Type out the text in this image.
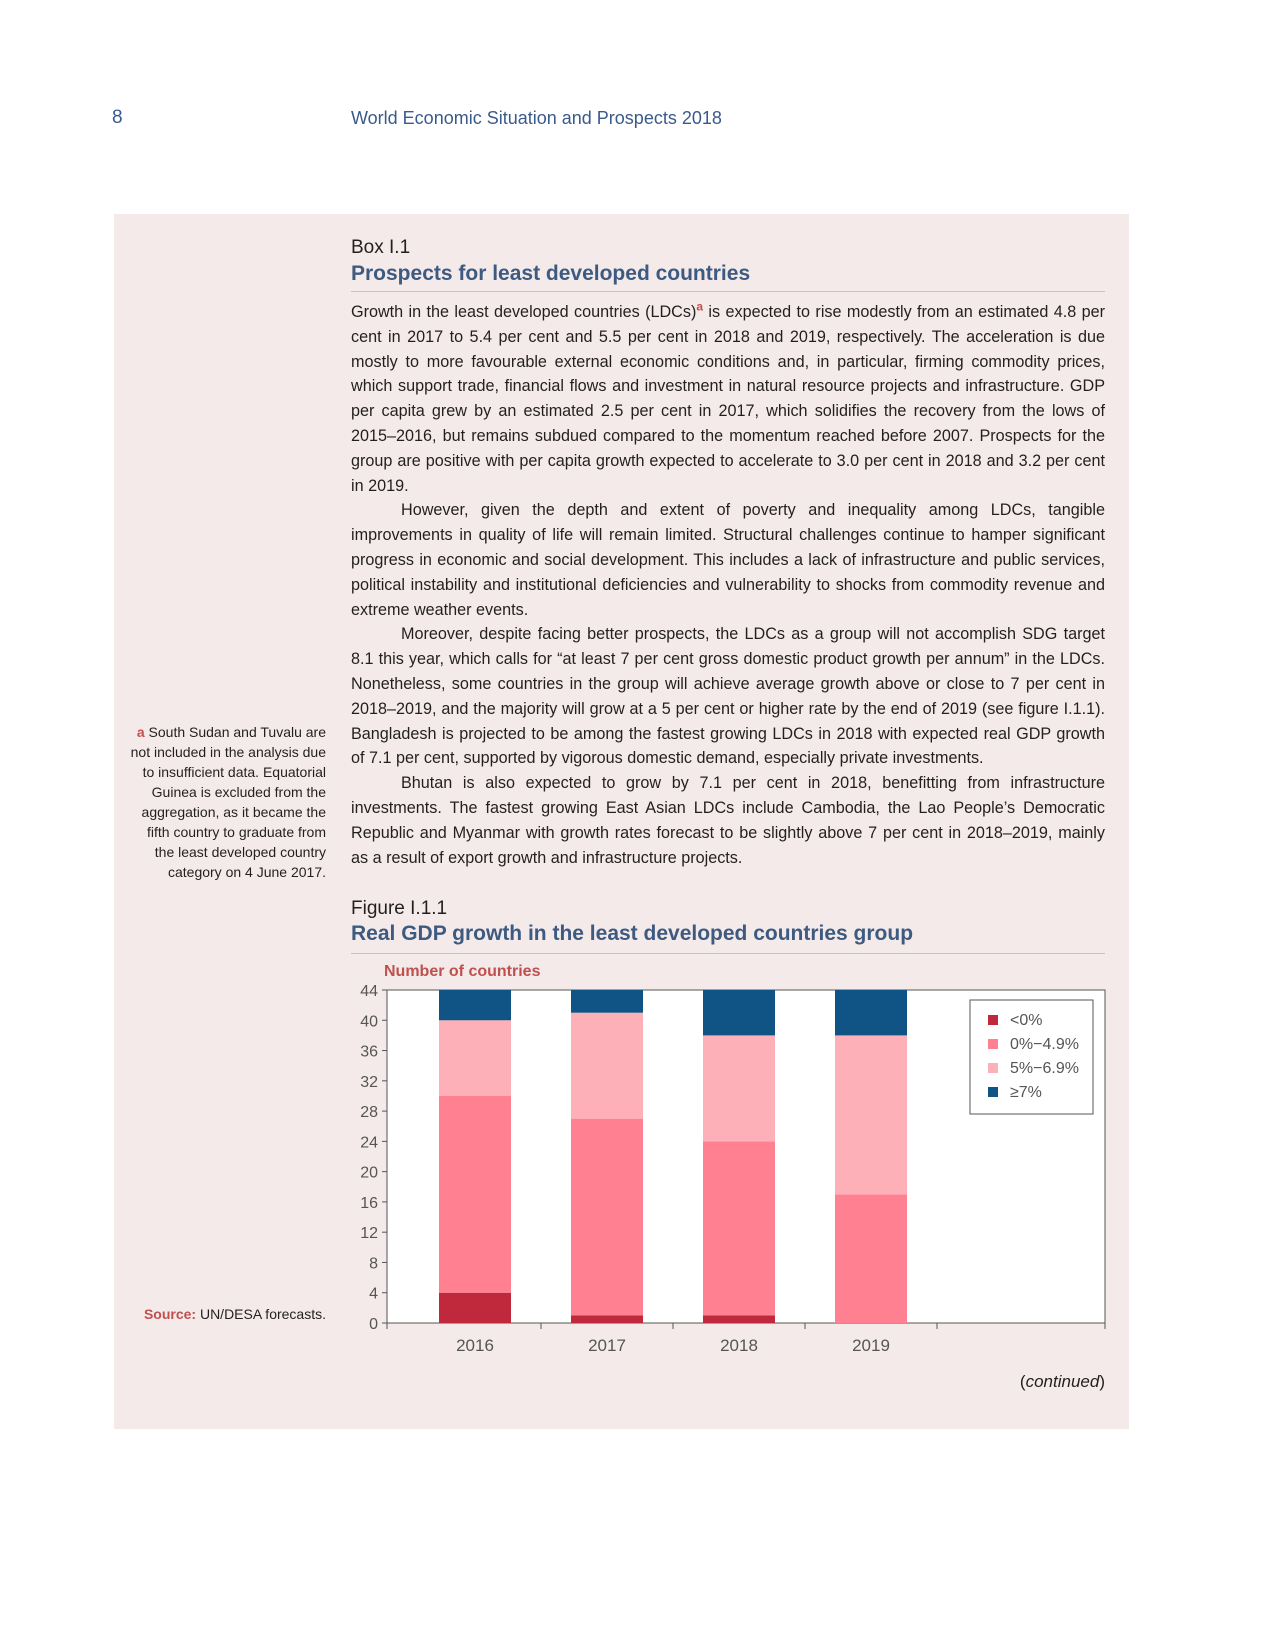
8	World Economic Situation and Prospects 2018
Box I.1
Prospects for least developed countries

Growth in the least developed countries (LDCs)$^a$ is expected to rise modestly from an estimated 4.8 per cent in 2017 to 5.4 per cent and 5.5 per cent in 2018 and 2019, respectively. The acceleration is due mostly to more favourable external economic conditions and, in particular, firming commodity prices, which support trade, financial flows and investment in natural resource projects and infrastructure. GDP per capita grew by an estimated 2.5 per cent in 2017, which solidifies the recovery from the lows of 2015–2016, but remains subdued compared to the momentum reached before 2007. Prospects for the group are positive with per capita growth expected to accelerate to 3.0 per cent in 2018 and 3.2 per cent in 2019.

However, given the depth and extent of poverty and inequality among LDCs, tangible improvements in quality of life will remain limited. Structural challenges continue to hamper significant progress in economic and social development. This includes a lack of infrastructure and public services, political instability and institutional deficiencies and vulnerability to shocks from commodity revenue and extreme weather events.

Moreover, despite facing better prospects, the LDCs as a group will not accomplish SDG target 8.1 this year, which calls for “at least 7 per cent gross domestic product growth per annum” in the LDCs. Nonetheless, some countries in the group will achieve average growth above or close to 7 per cent in 2018–2019, and the majority will grow at a 5 per cent or higher rate by the end of 2019 (see figure I.1.1). Bangladesh is projected to be among the fastest growing LDCs in 2018 with expected real GDP growth of 7.1 per cent, supported by vigorous domestic demand, especially private investments.

Bhutan is also expected to grow by 7.1 per cent in 2018, benefitting from infrastructure investments. The fastest growing East Asian LDCs include Cambodia, the Lao People’s Democratic Republic and Myanmar with growth rates forecast to be slightly above 7 per cent in 2018–2019, mainly as a result of export growth and infrastructure projects.

a South Sudan and Tuvalu are not included in the analysis due to insufficient data. Equatorial Guinea is excluded from the aggregation, as it became the fifth country to graduate from the least developed country category on 4 June 2017.
Figure I.1.1
Real GDP growth in the least developed countries group
Number of countries
0
4
8
12
16
20
24
28
32
36
40
44
2016	2017	2018	2019
<0%
0%−4.9%
5%−6.9%
≥7%
Source: UN/DESA forecasts.
(continued)
